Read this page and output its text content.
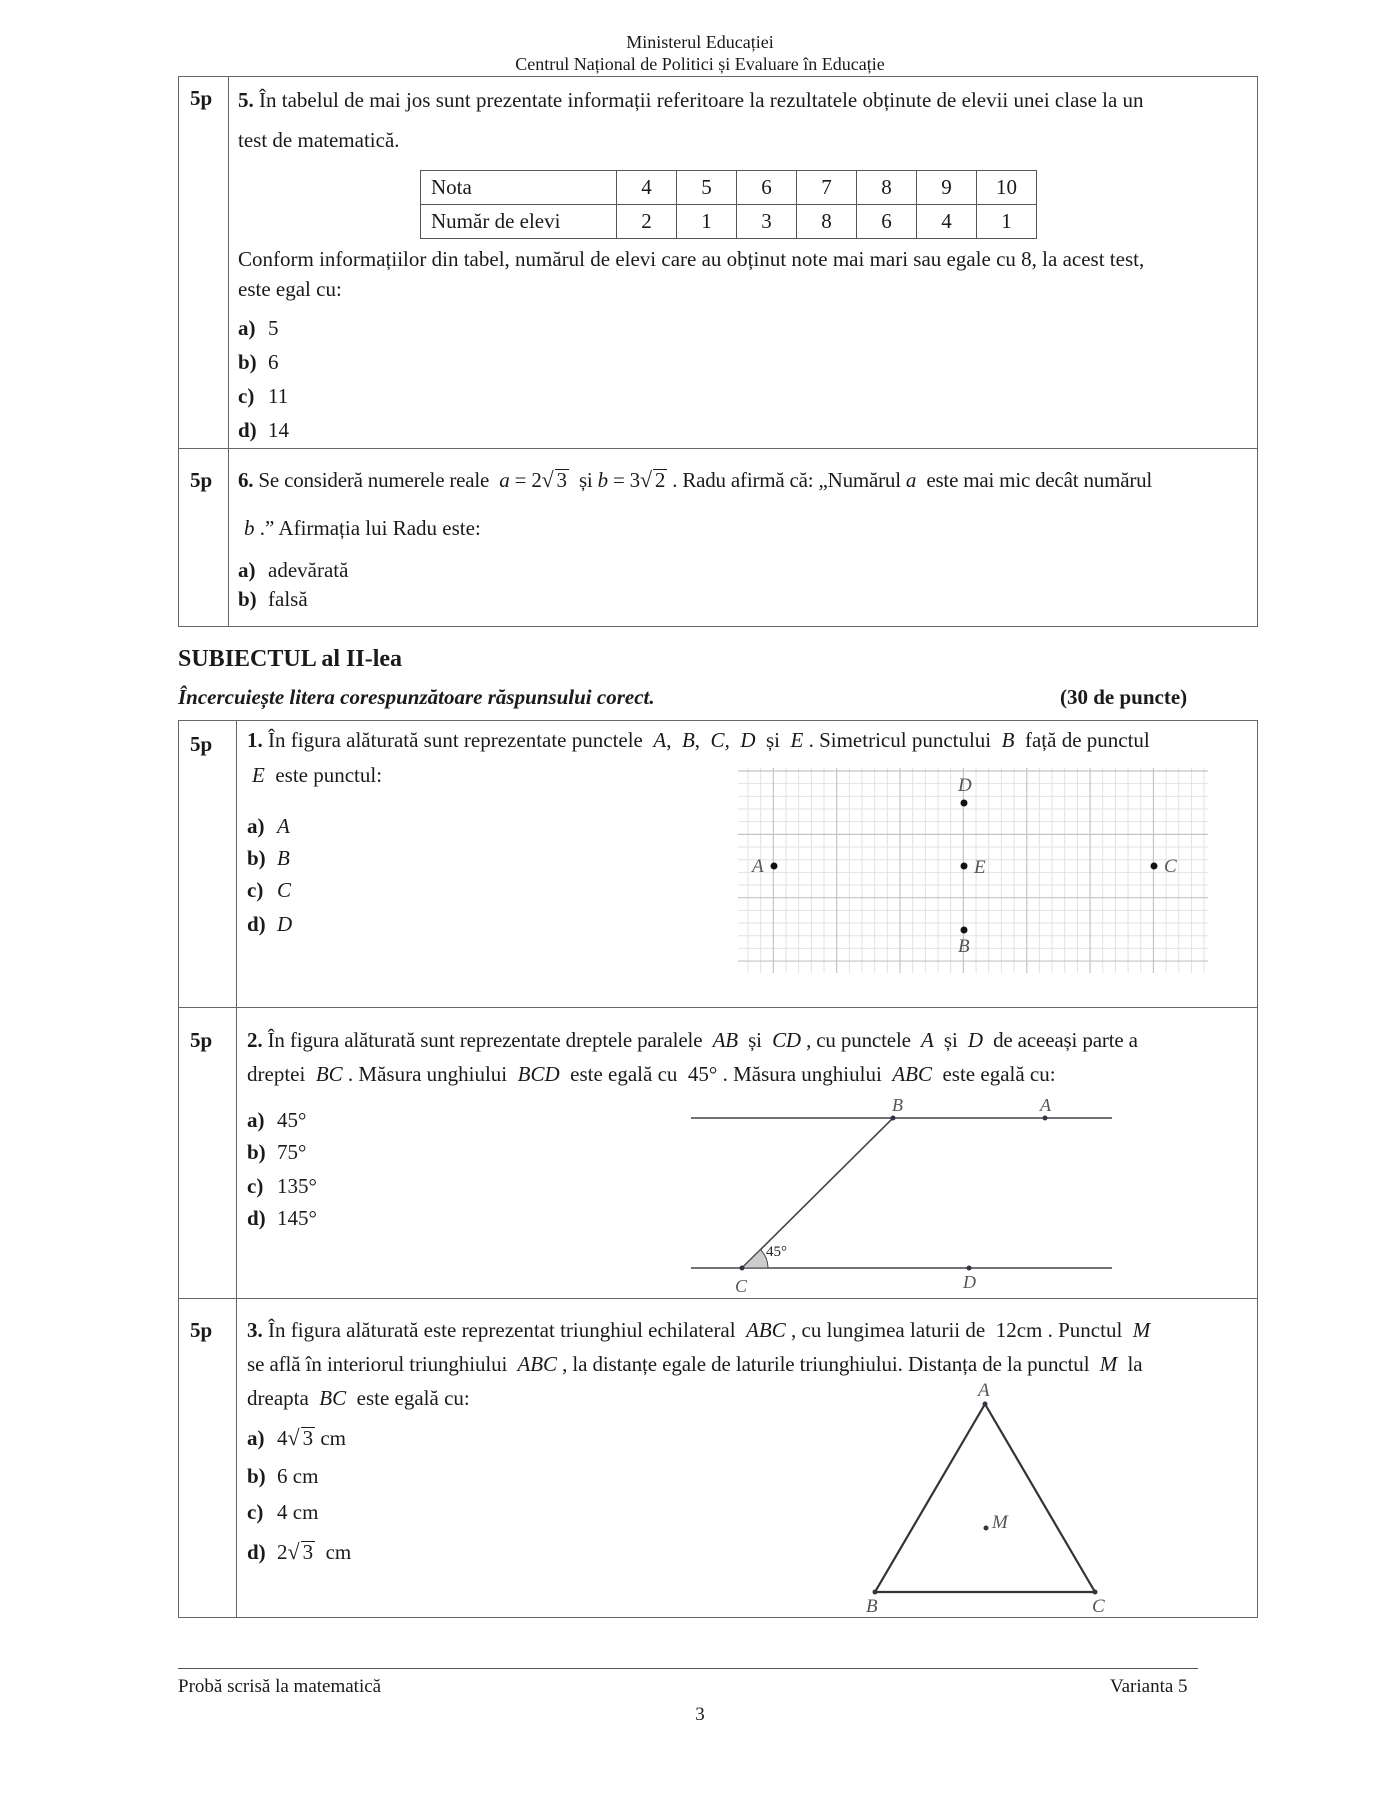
Ministerul Educației
Centrul Național de Politici și Evaluare în Educație
5p 5. În tabelul de mai jos sunt prezentate informații referitoare la rezultatele obținute de elevii unei clase la un
test de matematică.
Nota	4	5	6	7	8	9	10
Număr de elevi	2	1	3	8	6	4	1
Conform informațiilor din tabel, numărul de elevi care au obținut note mai mari sau egale cu 8, la acest test,
este egal cu:
a) 5
b) 6
c) 11
d) 14
5p 6. Se consideră numerele reale a = 2√ 3 și b = 3√ 2 . Radu afirmă că: „Numărul a este mai mic decât numărul
b .” Afirmația lui Radu este:
a) adevărată
b) falsă
SUBIECTUL al II-lea
Încercuiește litera corespunzătoare răspunsului corect.	(30 de puncte)
5p 1. În figura alăturată sunt reprezentate punctele A, B, C, D și E . Simetricul punctului B față de punctul
E este punctul:
a) A
b) B
c) C
d) D
A
D
E	C
B
5p 2. În figura alăturată sunt reprezentate dreptele paralele AB și CD , cu punctele A și D de aceeași parte a
dreptei BC . Măsura unghiului BCD este egală cu 45° . Măsura unghiului ABC este egală cu:
a) 45°
b) 75°
c) 135°
d) 145°
45°
B	A
C	D
5p 3. În figura alăturată este reprezentat triunghiul echilateral ABC , cu lungimea laturii de 12cm . Punctul M
se află în interiorul triunghiului ABC , la distanțe egale de laturile triunghiului. Distanța de la punctul M la
dreapta BC este egală cu:
a) 4√ 3 cm
b) 6 cm
c) 4 cm
d) 2√ 3 cm
A
B	C
M
Probă scrisă la matematică	Varianta 5
3
